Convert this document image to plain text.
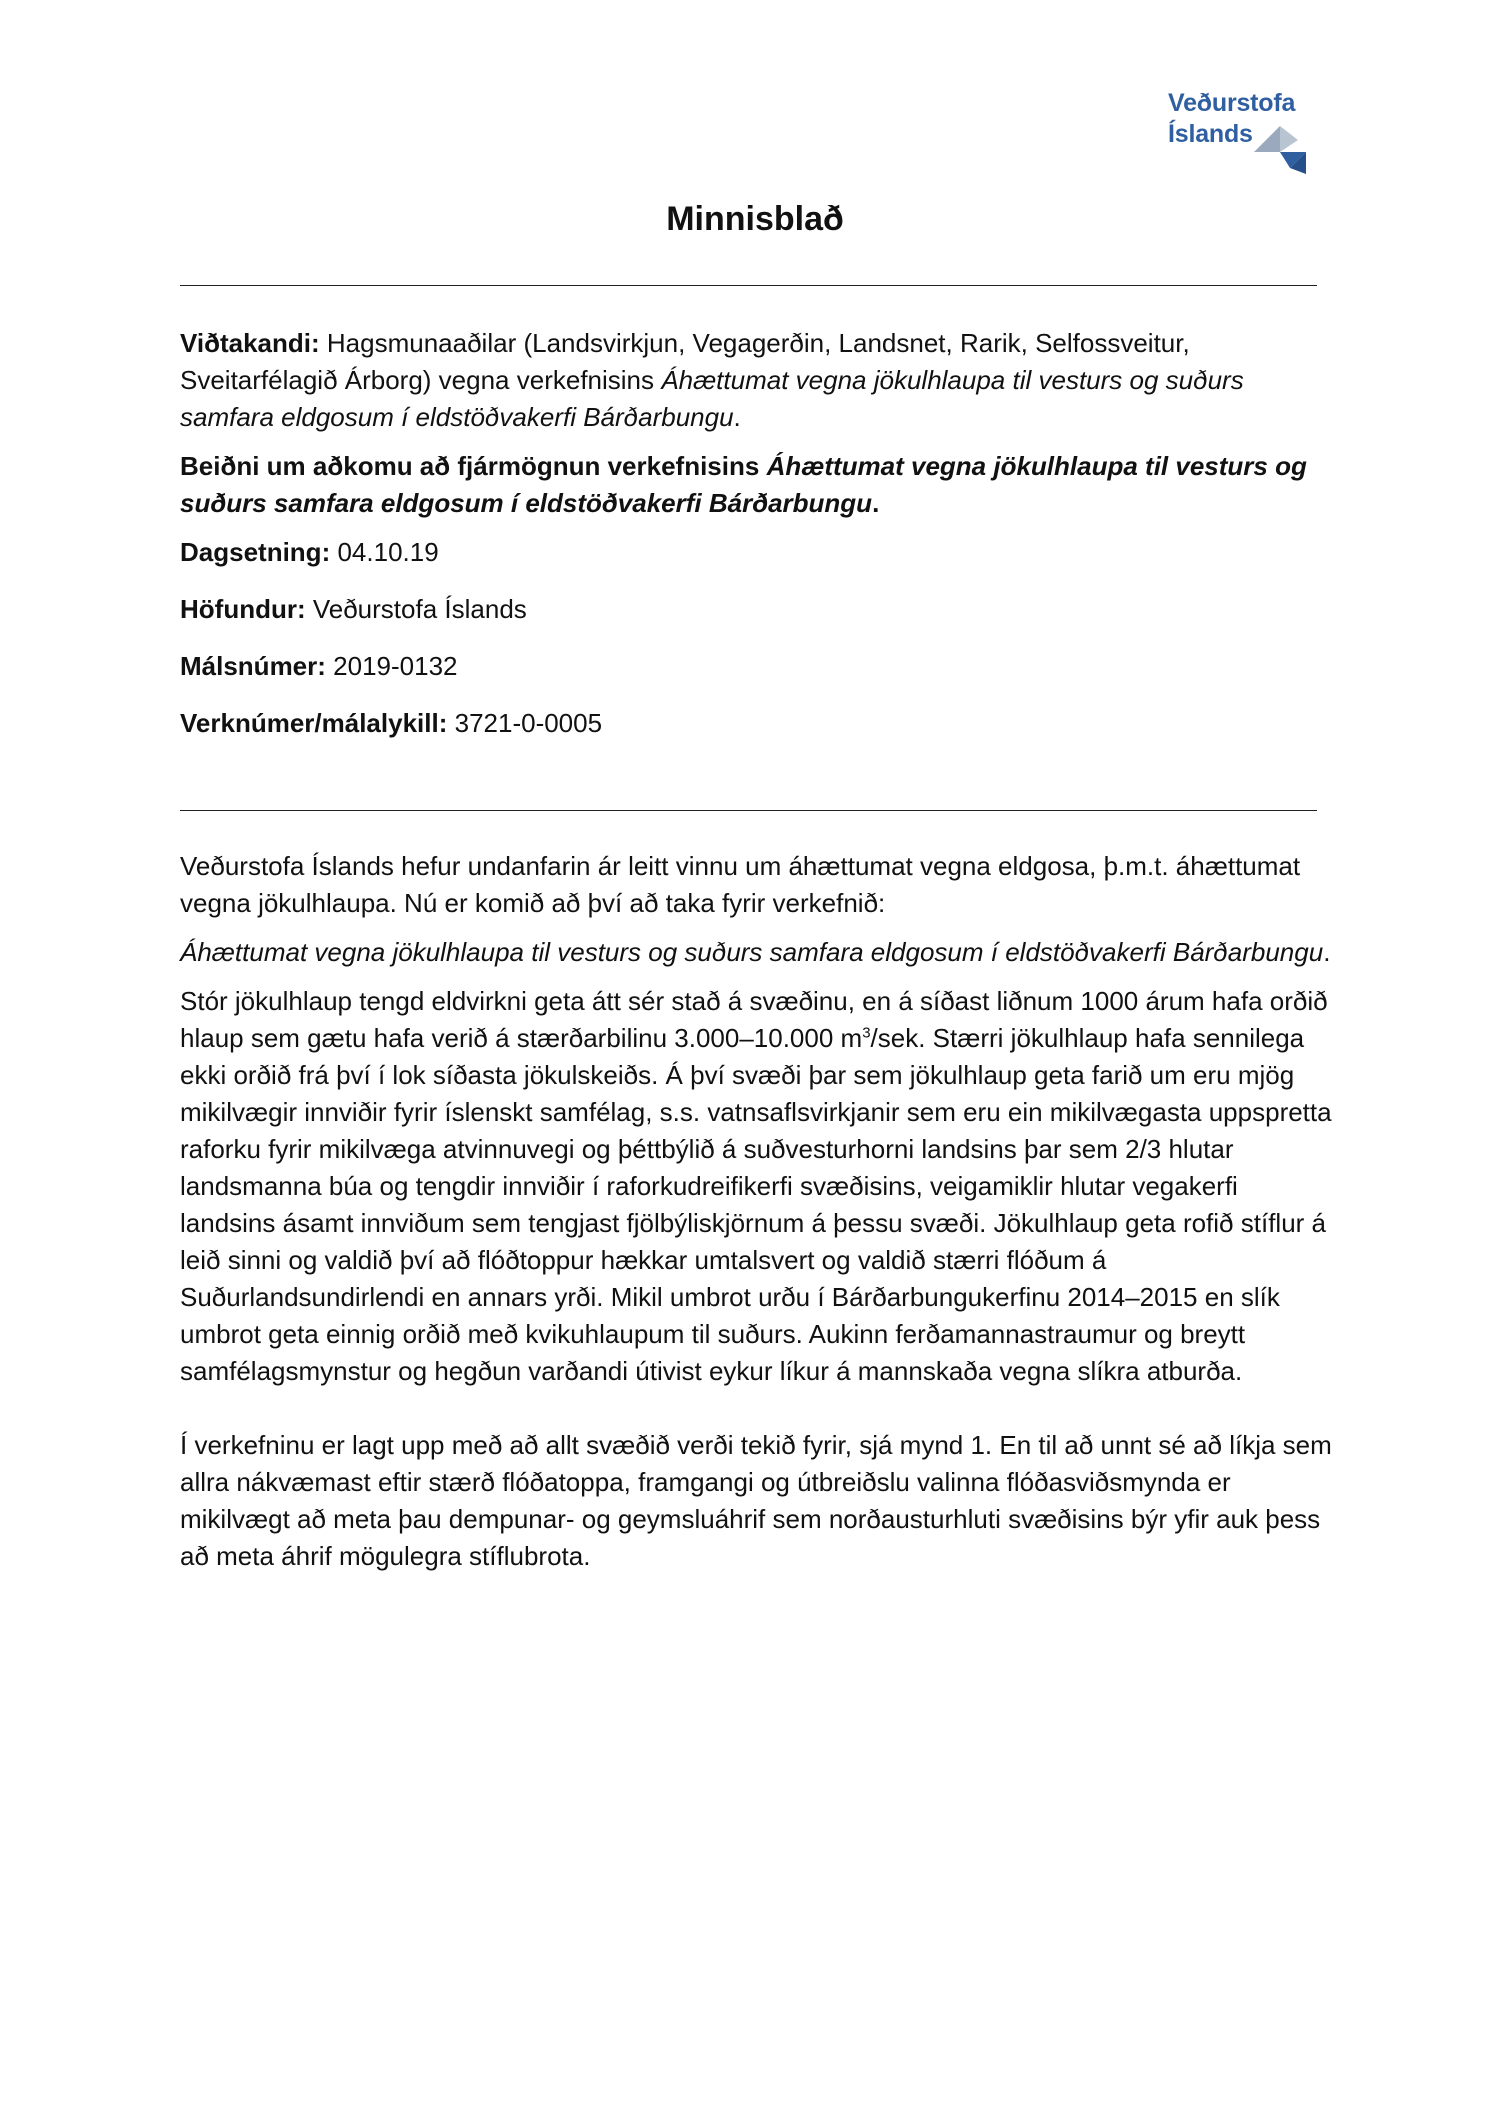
Veðurstofa
Íslands
Minnisblað

Viðtakandi: Hagsmunaaðilar (Landsvirkjun, Vegagerðin, Landsnet, Rarik, Selfossveitur, Sveitarfélagið Árborg) vegna verkefnisins Áhættumat vegna jökulhlaupa til vesturs og suðurs samfara eldgosum í eldstöðvakerfi Bárðarbungu.

Beiðni um aðkomu að fjármögnun verkefnisins Áhættumat vegna jökulhlaupa til vesturs og suðurs samfara eldgosum í eldstöðvakerfi Bárðarbungu.

Dagsetning: 04.10.19

Höfundur: Veðurstofa Íslands

Málsnúmer: 2019-0132

Verknúmer/málalykill: 3721-0-0005

Veðurstofa Íslands hefur undanfarin ár leitt vinnu um áhættumat vegna eldgosa, þ.m.t. áhættumat vegna jökulhlaupa. Nú er komið að því að taka fyrir verkefnið:

Áhættumat vegna jökulhlaupa til vesturs og suðurs samfara eldgosum í eldstöðvakerfi Bárðarbungu.

Stór jökulhlaup tengd eldvirkni geta átt sér stað á svæðinu, en á síðast liðnum 1000 árum hafa orðið hlaup sem gætu hafa verið á stærðarbilinu 3.000–10.000 $m^3$/sek. Stærri jökulhlaup hafa sennilega ekki orðið frá því í lok síðasta jökulskeiðs. Á því svæði þar sem jökulhlaup geta farið um eru mjög mikilvægir innviðir fyrir íslenskt samfélag, s.s. vatnsaflsvirkjanir sem eru ein mikilvægasta uppspretta raforku fyrir mikilvæga atvinnuvegi og þéttbýlið á suðvesturhorni landsins þar sem 2/3 hlutar landsmanna búa og tengdir innviðir í raforkudreifikerfi svæðisins, veigamiklir hlutar vegakerfi landsins ásamt innviðum sem tengjast fjölbýliskjörnum á þessu svæði. Jökulhlaup geta rofið stíflur á leið sinni og valdið því að flóðtoppur hækkar umtalsvert og valdið stærri flóðum á Suðurlandsundirlendi en annars yrði. Mikil umbrot urðu í Bárðarbungukerfinu 2014–2015 en slík umbrot geta einnig orðið með kvikuhlaupum til suðurs. Aukinn ferðamannastraumur og breytt samfélagsmynstur og hegðun varðandi útivist eykur líkur á mannskaða vegna slíkra atburða.

Í verkefninu er lagt upp með að allt svæðið verði tekið fyrir, sjá mynd 1. En til að unnt sé að líkja sem allra nákvæmast eftir stærð flóðatoppa, framgangi og útbreiðslu valinna flóðasviðsmynda er mikilvægt að meta þau dempunar- og geymsluáhrif sem norðausturhluti svæðisins býr yfir auk þess að meta áhrif mögulegra stíflubrota.
